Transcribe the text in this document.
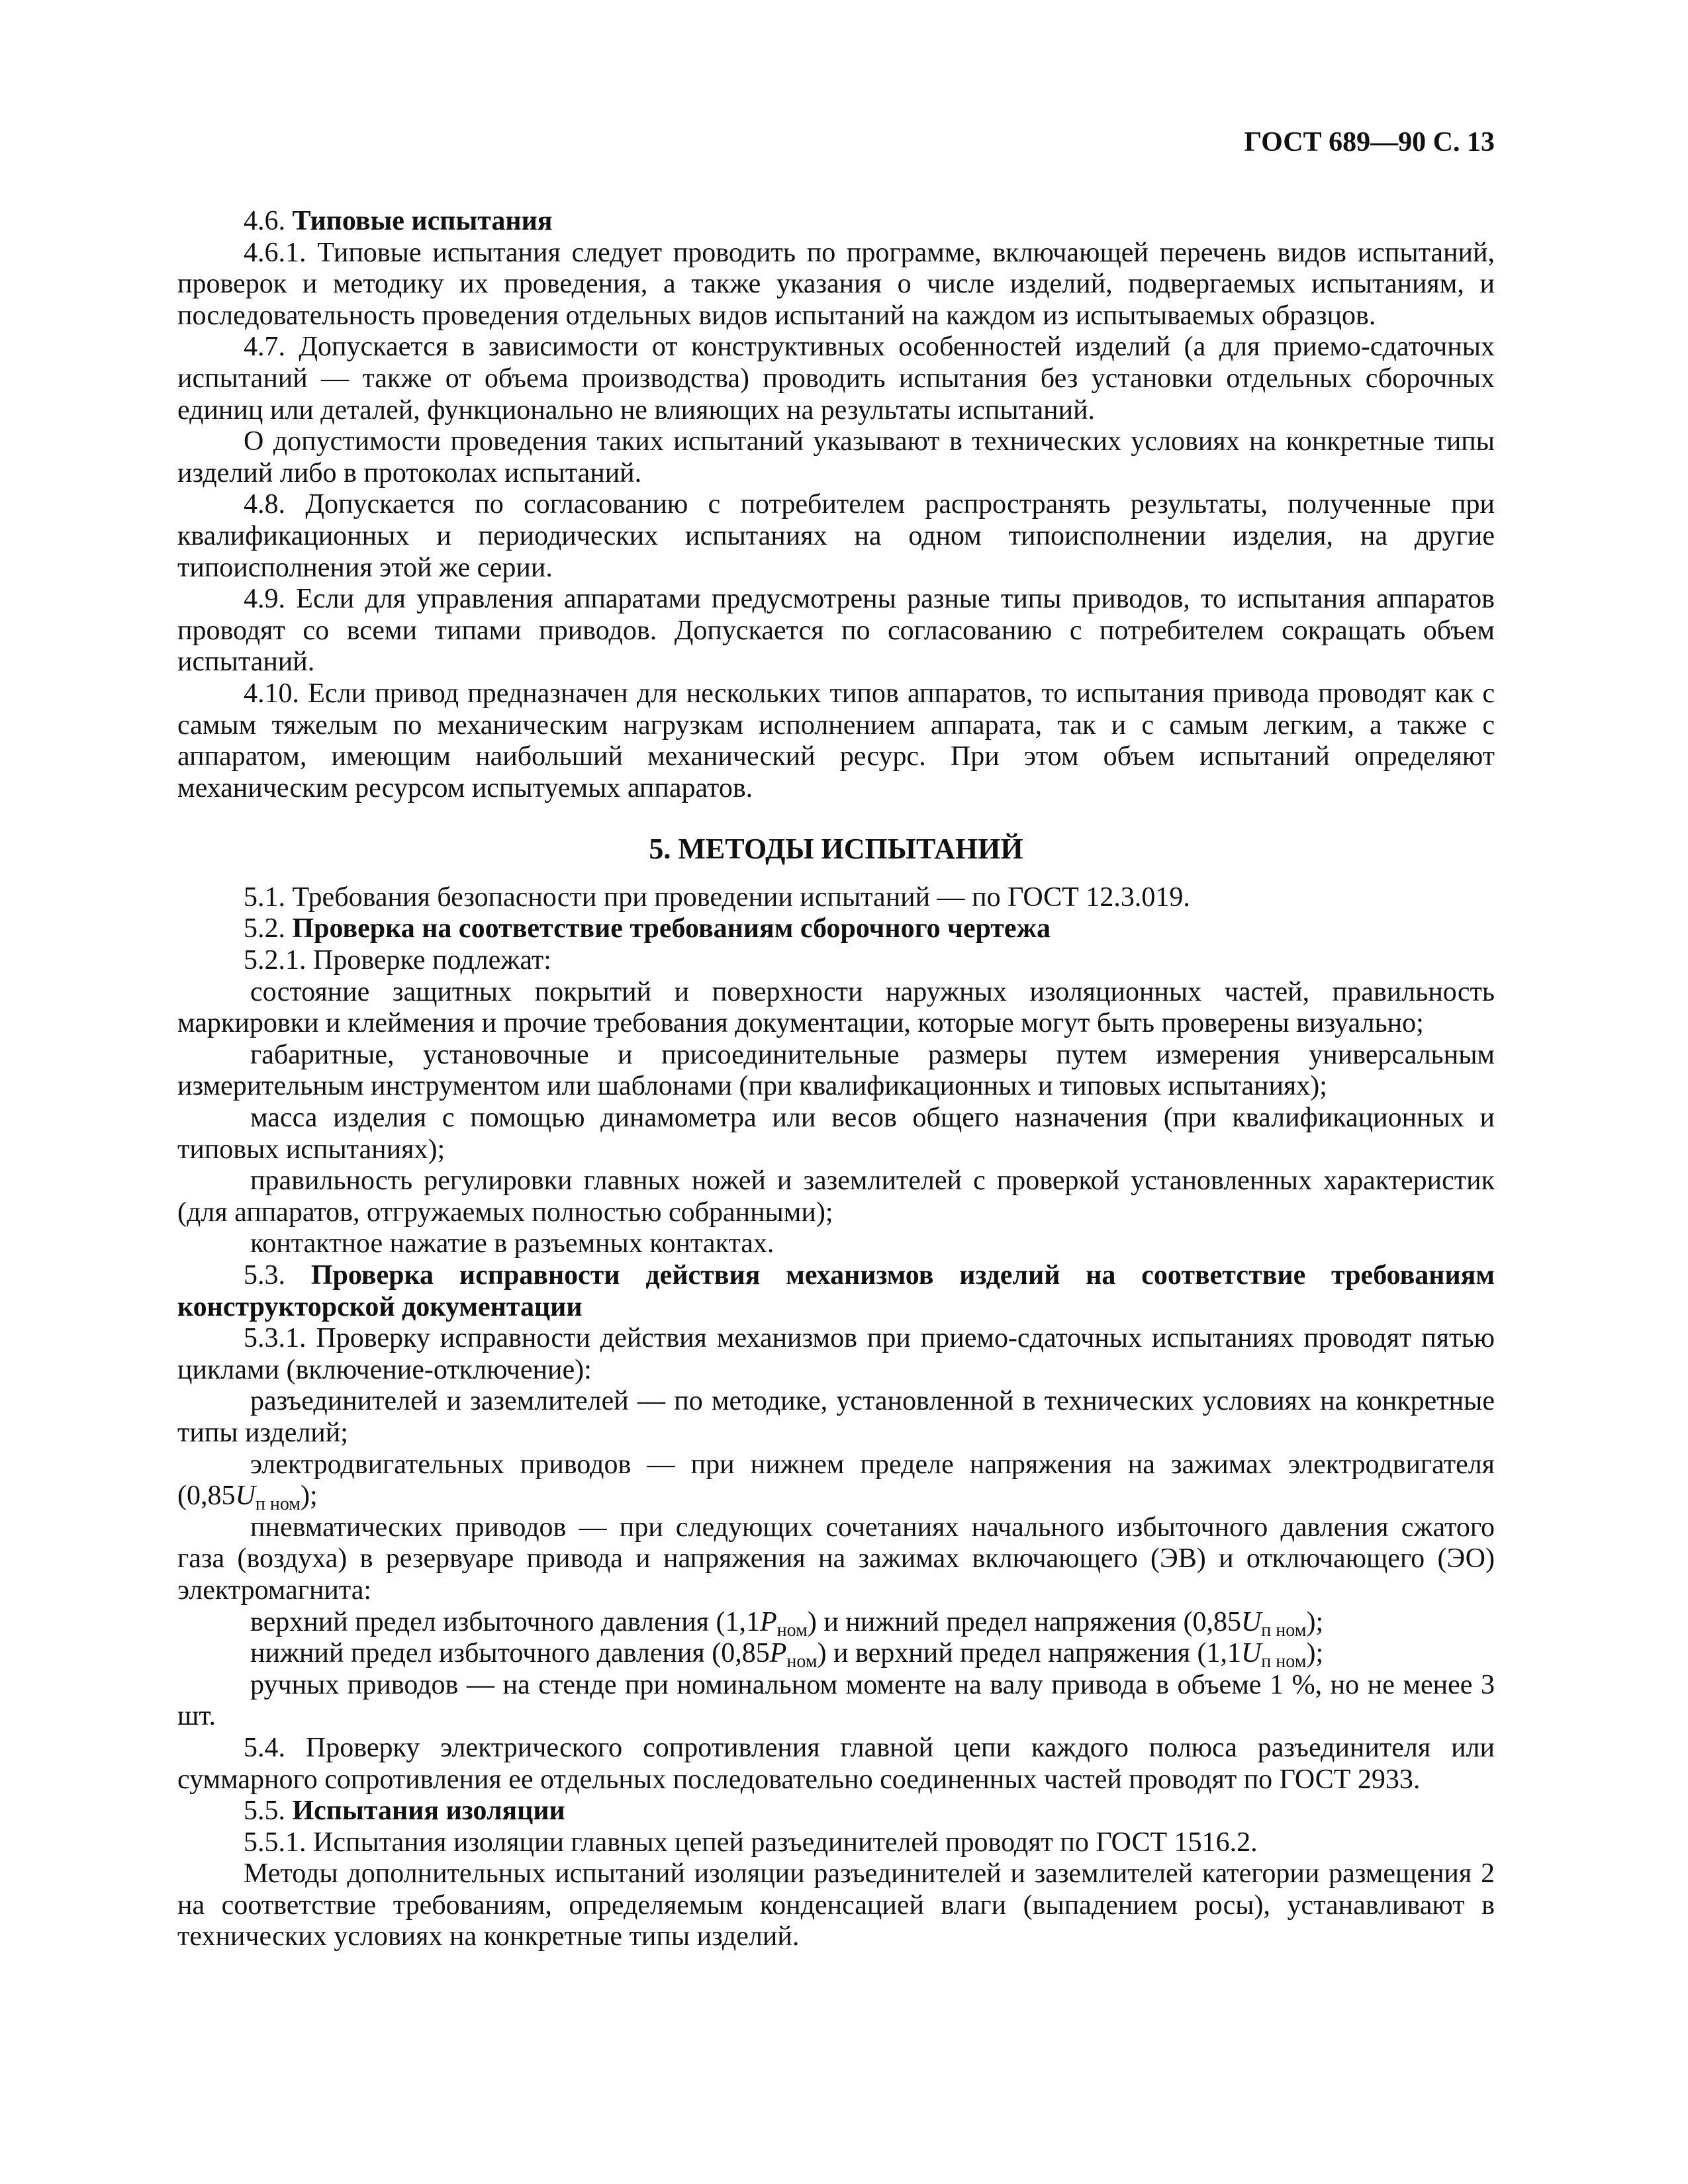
ГОСТ 689—90 С. 13

4.6. Типовые испытания

4.6.1. Типовые испытания следует проводить по программе, включающей перечень видов испытаний, проверок и методику их проведения, а также указания о числе изделий, подвергаемых испытаниям, и последовательность проведения отдельных видов испытаний на каждом из испытываемых образцов.

4.7. Допускается в зависимости от конструктивных особенностей изделий (а для приемо-сдаточных испытаний — также от объема производства) проводить испытания без установки отдельных сборочных единиц или деталей, функционально не влияющих на результаты испытаний.

О допустимости проведения таких испытаний указывают в технических условиях на конкретные типы изделий либо в протоколах испытаний.

4.8. Допускается по согласованию с потребителем распространять результаты, полученные при квалификационных и периодических испытаниях на одном типоисполнении изделия, на другие типоисполнения этой же серии.

4.9. Если для управления аппаратами предусмотрены разные типы приводов, то испытания аппаратов проводят со всеми типами приводов. Допускается по согласованию с потребителем сокращать объем испытаний.

4.10. Если привод предназначен для нескольких типов аппаратов, то испытания привода проводят как с самым тяжелым по механическим нагрузкам исполнением аппарата, так и с самым легким, а также с аппаратом, имеющим наибольший механический ресурс. При этом объем испытаний определяют механическим ресурсом испытуемых аппаратов.

5. МЕТОДЫ ИСПЫТАНИЙ

5.1. Требования безопасности при проведении испытаний — по ГОСТ 12.3.019.

5.2. Проверка на соответствие требованиям сборочного чертежа

5.2.1. Проверке подлежат:

состояние защитных покрытий и поверхности наружных изоляционных частей, правильность маркировки и клеймения и прочие требования документации, которые могут быть проверены визуально;

габаритные, установочные и присоединительные размеры путем измерения универсальным измерительным инструментом или шаблонами (при квалификационных и типовых испытаниях);

масса изделия с помощью динамометра или весов общего назначения (при квалификационных и типовых испытаниях);

правильность регулировки главных ножей и заземлителей с проверкой установленных характеристик (для аппаратов, отгружаемых полностью собранными);

контактное нажатие в разъемных контактах.

5.3. Проверка исправности действия механизмов изделий на соответствие требованиям конструкторской документации

5.3.1. Проверку исправности действия механизмов при приемо-сдаточных испытаниях проводят пятью циклами (включение-отключение):

разъединителей и заземлителей — по методике, установленной в технических условиях на конкретные типы изделий;

электродвигательных приводов — при нижнем пределе напряжения на зажимах электродвигателя $(0,85U_{п ном})$;

пневматических приводов — при следующих сочетаниях начального избыточного давления сжатого газа (воздуха) в резервуаре привода и напряжения на зажимах включающего (ЭВ) и отключающего (ЭО) электромагнита:

верхний предел избыточного давления $(1,1P_{ном})$ и нижний предел напряжения $(0,85U_{п ном})$;

нижний предел избыточного давления $(0,85P_{ном})$ и верхний предел напряжения $(1,1U_{п ном})$;

ручных приводов — на стенде при номинальном моменте на валу привода в объеме 1 %, но не менее 3 шт.

5.4. Проверку электрического сопротивления главной цепи каждого полюса разъединителя или суммарного сопротивления ее отдельных последовательно соединенных частей проводят по ГОСТ 2933.

5.5. Испытания изоляции

5.5.1. Испытания изоляции главных цепей разъединителей проводят по ГОСТ 1516.2.

Методы дополнительных испытаний изоляции разъединителей и заземлителей категории размещения 2 на соответствие требованиям, определяемым конденсацией влаги (выпадением росы), устанавливают в технических условиях на конкретные типы изделий.
